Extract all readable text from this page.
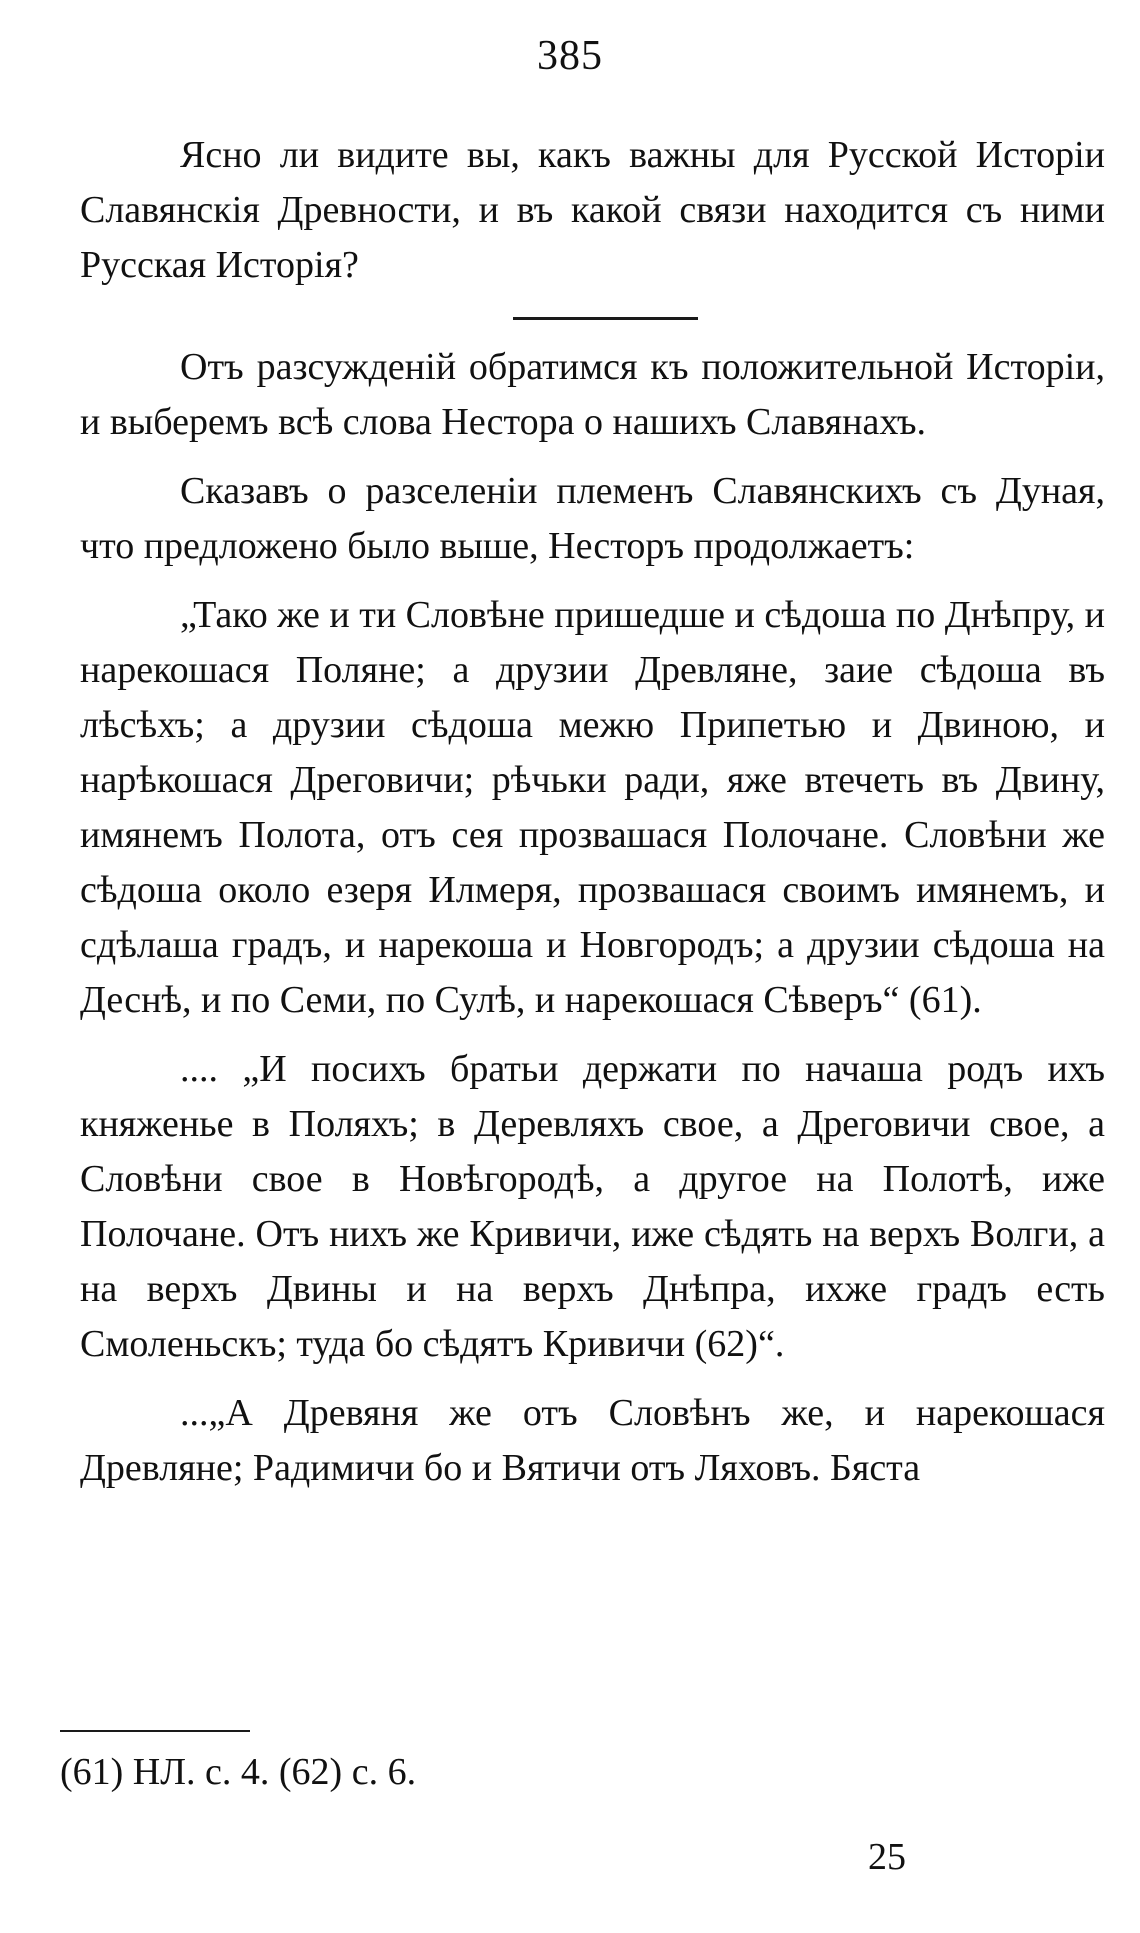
385

Ясно ли видите вы, какъ важны для Русской Исторіи Славянскія Древности, и въ какой связи находится съ ними Русская Исторія?

Отъ разсужденій обратимся къ положительной Исторіи, и выберемъ всѣ слова Нестора о нашихъ Славянахъ.

Сказавъ о разселеніи племенъ Славянскихъ съ Дуная, что предложено было выше, Несторъ продолжаетъ:

„Тако же и ти Словѣне пришедше и сѣдоша по Днѣпру, и нарекошася Поляне; а друзии Древляне, заие сѣдоша въ лѣсѣхъ; а друзии сѣдоша межю Припетью и Двиною, и нарѣкошася Дреговичи; рѣчьки ради, яже втечеть въ Двину, имянемъ Полота, отъ сея прозвашася Полочане. Словѣни же сѣдоша около езеря Илмеря, прозвашася своимъ имянемъ, и сдѣлаша градъ, и нарекоша и Новгородъ; а друзии сѣдоша на Деснѣ, и по Семи, по Сулѣ, и нарекошася Сѣверъ“ (61).

.... „И посихъ братьи держати по начаша родъ ихъ княженье в Поляхъ; в Деревляхъ свое, а Дреговичи свое, а Словѣни свое в Новѣгородѣ, а другое на Полотѣ, иже Полочане. Отъ нихъ же Кривичи, иже сѣдять на верхъ Волги, а на верхъ Двины и на верхъ Днѣпра, ихже градъ есть Смоленьскъ; туда бо сѣдятъ Кривичи (62)“.

...„А Древяня же отъ Словѣнъ же, и нарекошася Древляне; Радимичи бо и Вятичи отъ Ляховъ. Бяста

(61) НЛ. с. 4. (62) с. 6.
25
